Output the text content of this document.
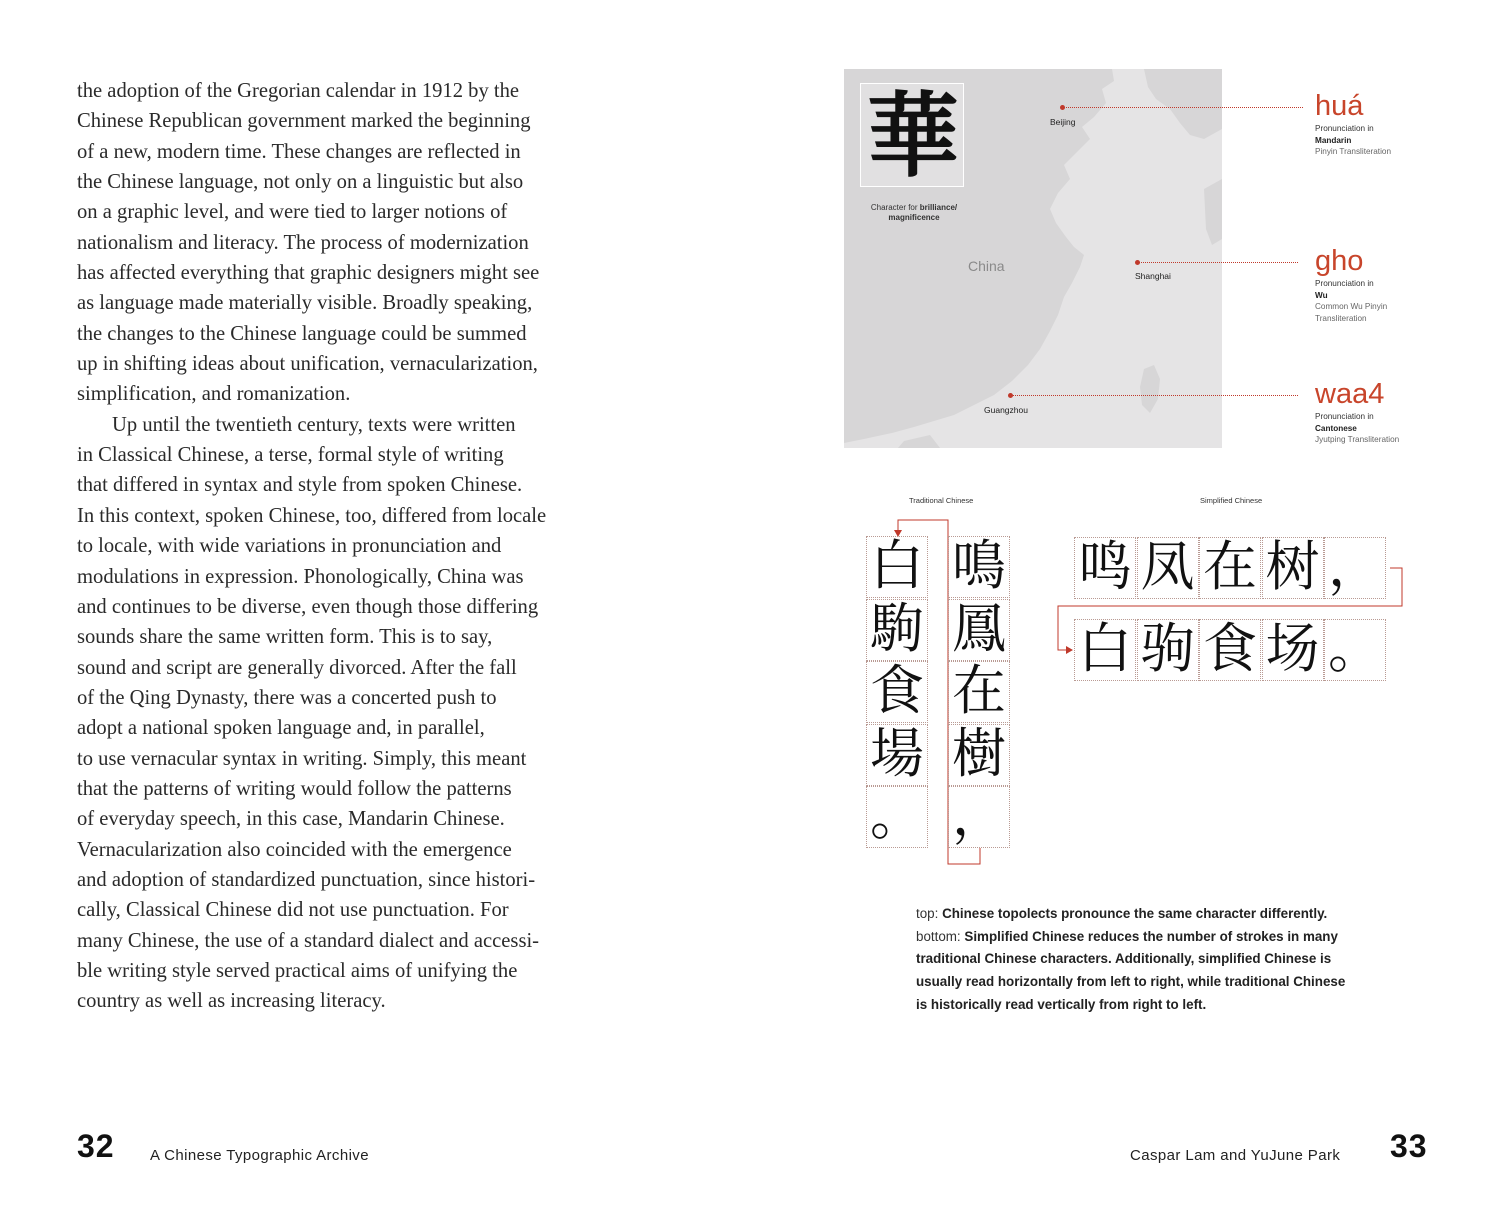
the adoption of the Gregorian calendar in 1912 by the
Chinese Republican government marked the beginning
of a new, modern time. These changes are reflected in
the Chinese language, not only on a linguistic but also
on a graphic level, and were tied to larger notions of
nationalism and literacy. The process of modernization
has affected everything that graphic designers might see
as language made materially visible. Broadly speaking,
the changes to the Chinese language could be summed
up in shifting ideas about unification, vernacularization,
simplification, and romanization.
Up until the twentieth century, texts were written
in Classical Chinese, a terse, formal style of writing
that differed in syntax and style from spoken Chinese.
In this context, spoken Chinese, too, differed from locale
to locale, with wide variations in pronunciation and
modulations in expression. Phonologically, China was
and continues to be diverse, even though those differing
sounds share the same written form. This is to say,
sound and script are generally divorced. After the fall
of the Qing Dynasty, there was a concerted push to
adopt a national spoken language and, in parallel,
to use vernacular syntax in writing. Simply, this meant
that the patterns of writing would follow the patterns
of everyday speech, in this case, Mandarin Chinese.
Vernacularization also coincided with the emergence
and adoption of standardized punctuation, since histori-
cally, Classical Chinese did not use punctuation. For
many Chinese, the use of a standard dialect and accessi-
ble writing style served practical aims of unifying the
country as well as increasing literacy.
32 A Chinese Typographic Archive
華
Character for brilliance/ magnificence
China
Beijing
Shanghai
Guangzhou
huá
Pronunciation in
Mandarin
Pinyin Transliteration
gho
Pronunciation in
Wu
Common Wu Pinyin Transliteration
waa4
Pronunciation in
Cantonese
Jyutping Transliteration
Traditional Chinese	Simplified Chinese
白
駒
食
場
。
鳴
鳳
在
樹
，
鸣 凤 在 树 ，
白 驹 食 场 。
top: Chinese topolects pronounce the same character differently.
bottom: Simplified Chinese reduces the number of strokes in many
traditional Chinese characters. Additionally, simplified Chinese is
usually read horizontally from left to right, while traditional Chinese
is historically read vertically from right to left.
Caspar Lam and YuJune Park 33
